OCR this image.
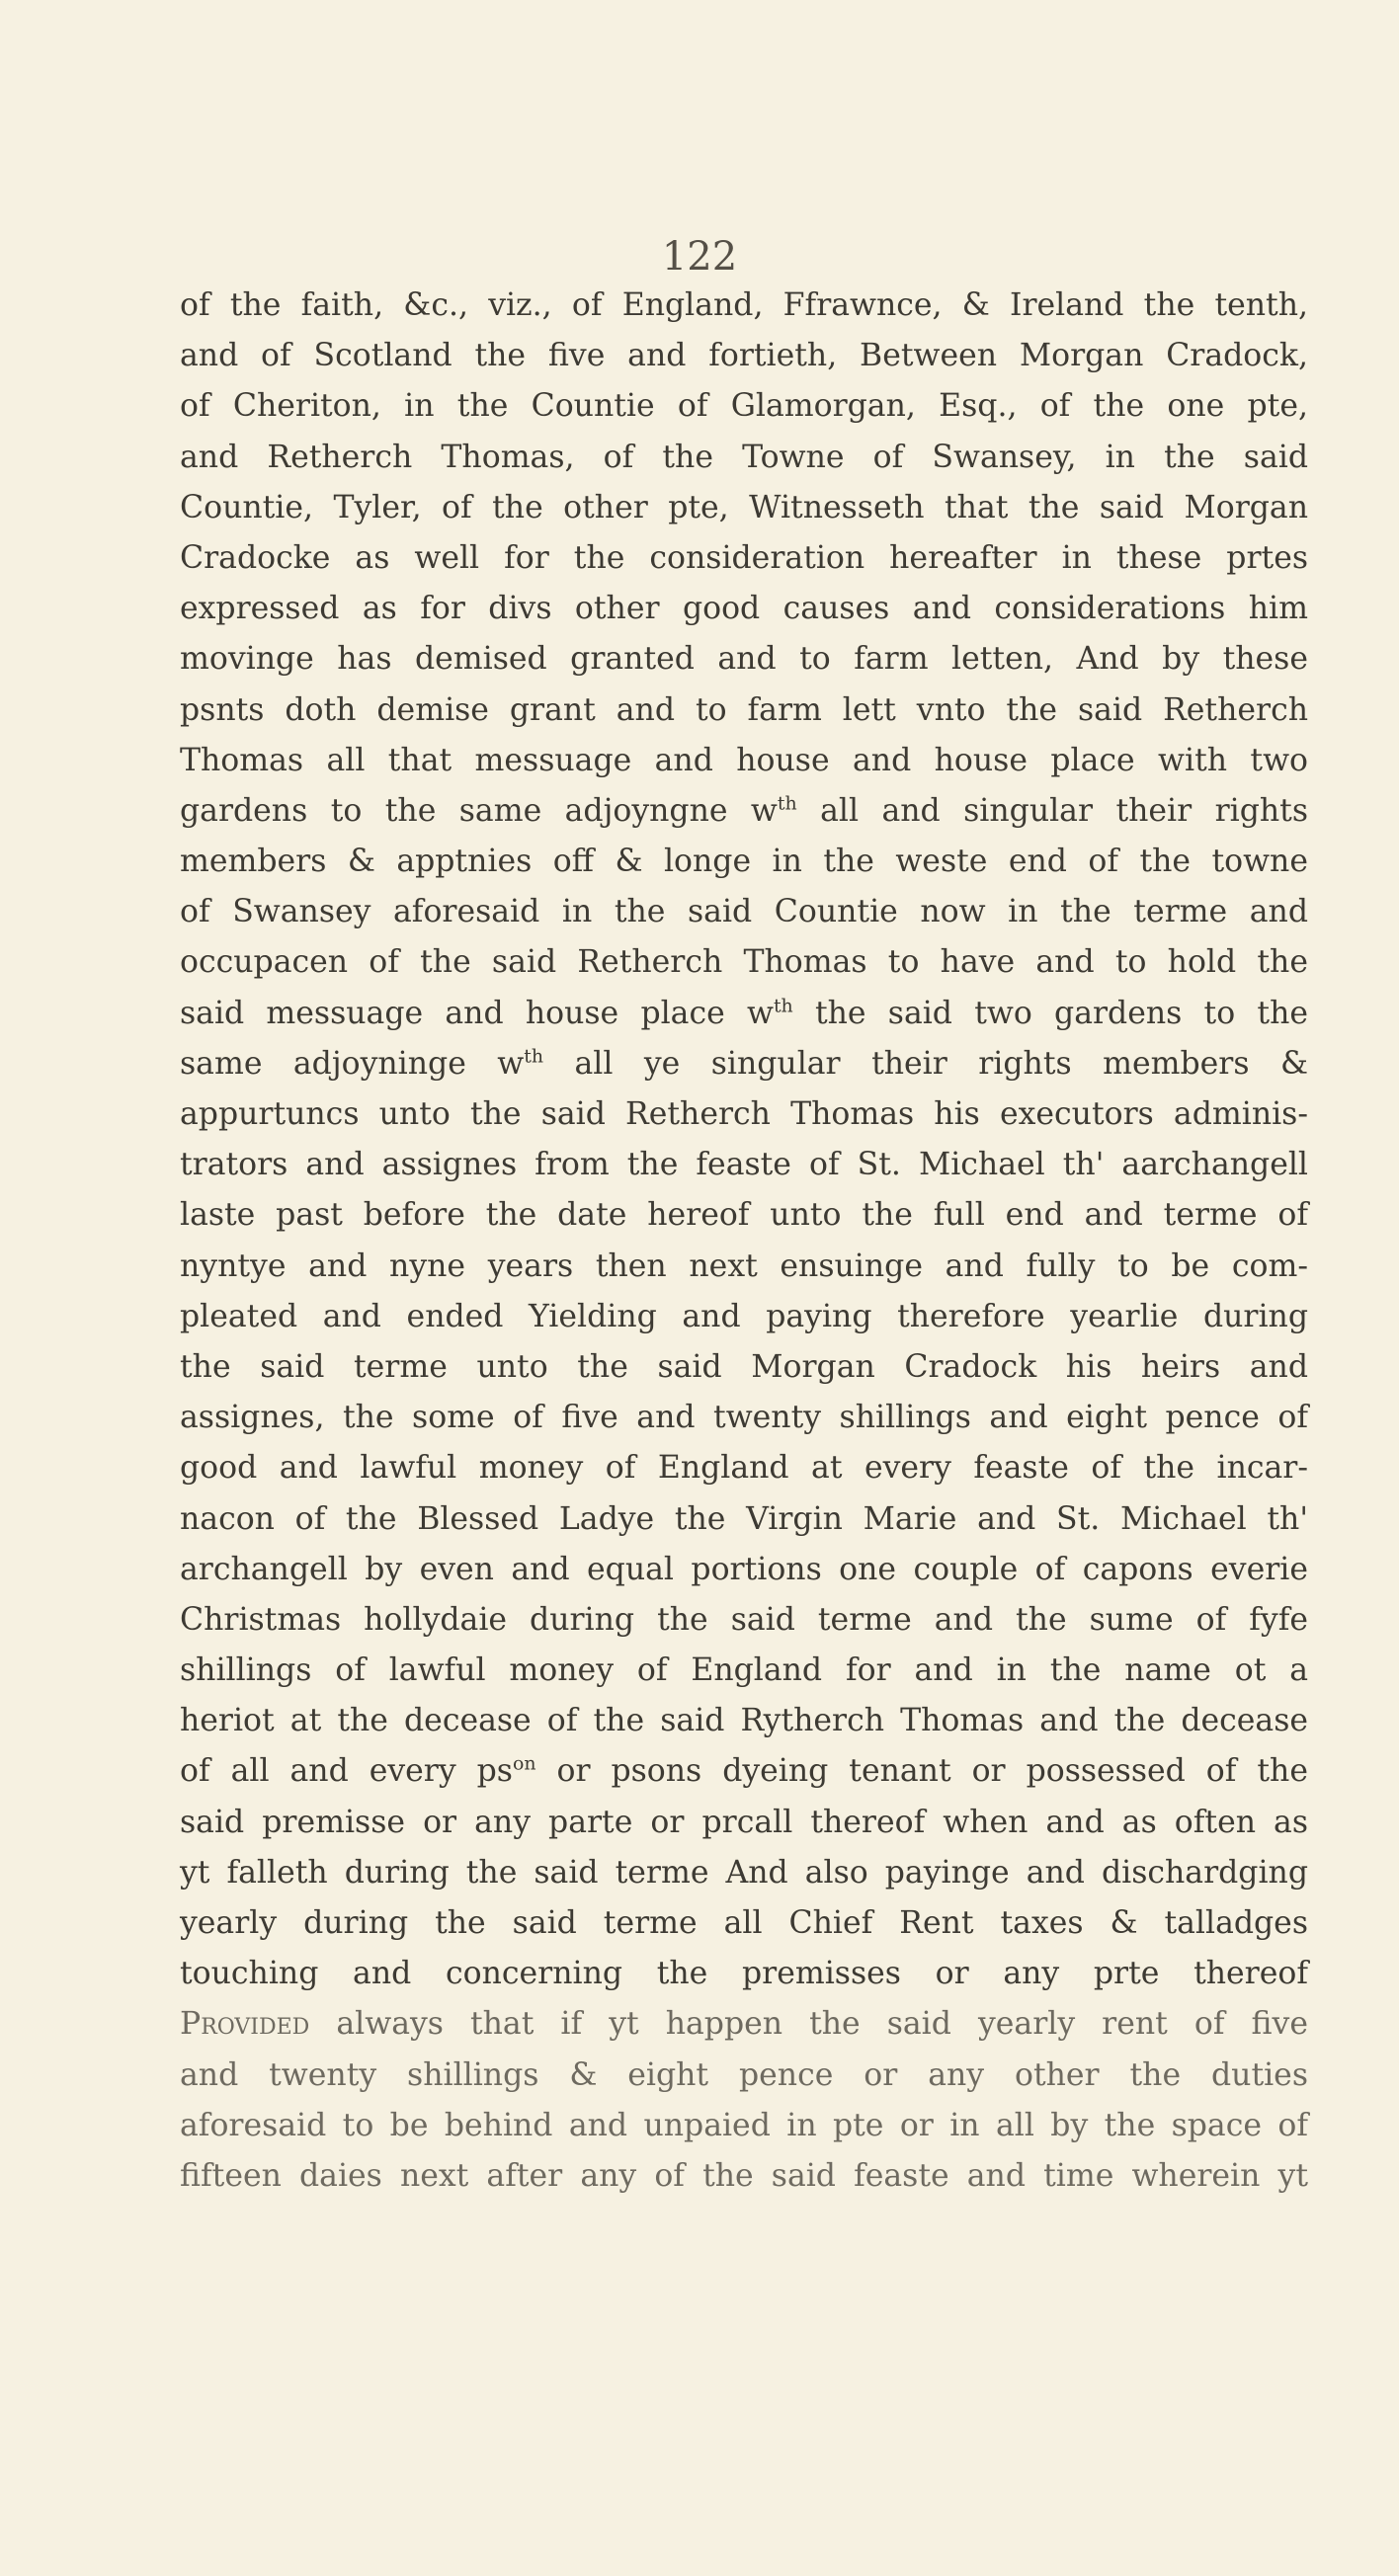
122
of the faith, &c., viz., of England, Ffrawnce, & Ireland the tenth,
and of Scotland the five and fortieth, Between Morgan Cradock,
of Cheriton, in the Countie of Glamorgan, Esq., of the one pte,
and Retherch Thomas, of the Towne of Swansey, in the said
Countie, Tyler, of the other pte, Witnesseth that the said Morgan
Cradocke as well for the consideration hereafter in these prtes
expressed as for divs other good causes and considerations him
movinge has demised granted and to farm letten, And by these
psnts doth demise grant and to farm lett vnto the said Retherch
Thomas all that messuage and house and house place with two
gardens to the same adjoyngne $w^{th}$ all and singular their rights
members & apptnies off & longe in the weste end of the towne
of Swansey aforesaid in the said Countie now in the terme and
occupacen of the said Retherch Thomas to have and to hold the
said messuage and house place $w^{th}$ the said two gardens to the
same adjoyninge $w^{th}$ all ye singular their rights members &
appurtuncs unto the said Retherch Thomas his executors adminis-
trators and assignes from the feaste of St. Michael th' aarchangell
laste past before the date hereof unto the full end and terme of
nyntye and nyne years then next ensuinge and fully to be com-
pleated and ended Yielding and paying therefore yearlie during
the said terme unto the said Morgan Cradock his heirs and
assignes, the some of five and twenty shillings and eight pence of
good and lawful money of England at every feaste of the incar-
nacon of the Blessed Ladye the Virgin Marie and St. Michael th'
archangell by even and equal portions one couple of capons everie
Christmas hollydaie during the said terme and the sume of fyfe
shillings of lawful money of England for and in the name ot a
heriot at the decease of the said Rytherch Thomas and the decease
of all and every $ps^{on}$ or psons dyeing tenant or possessed of the
said premisse or any parte or prcall thereof when and as often as
yt falleth during the said terme And also payinge and dischardging
yearly during the said terme all Chief Rent taxes & talladges
touching and concerning the premisses or any prte thereof
Provided always that if yt happen the said yearly rent of five
and twenty shillings & eight pence or any other the duties
aforesaid to be behind and unpaied in pte or in all by the space of
fifteen daies next after any of the said feaste and time wherein yt
